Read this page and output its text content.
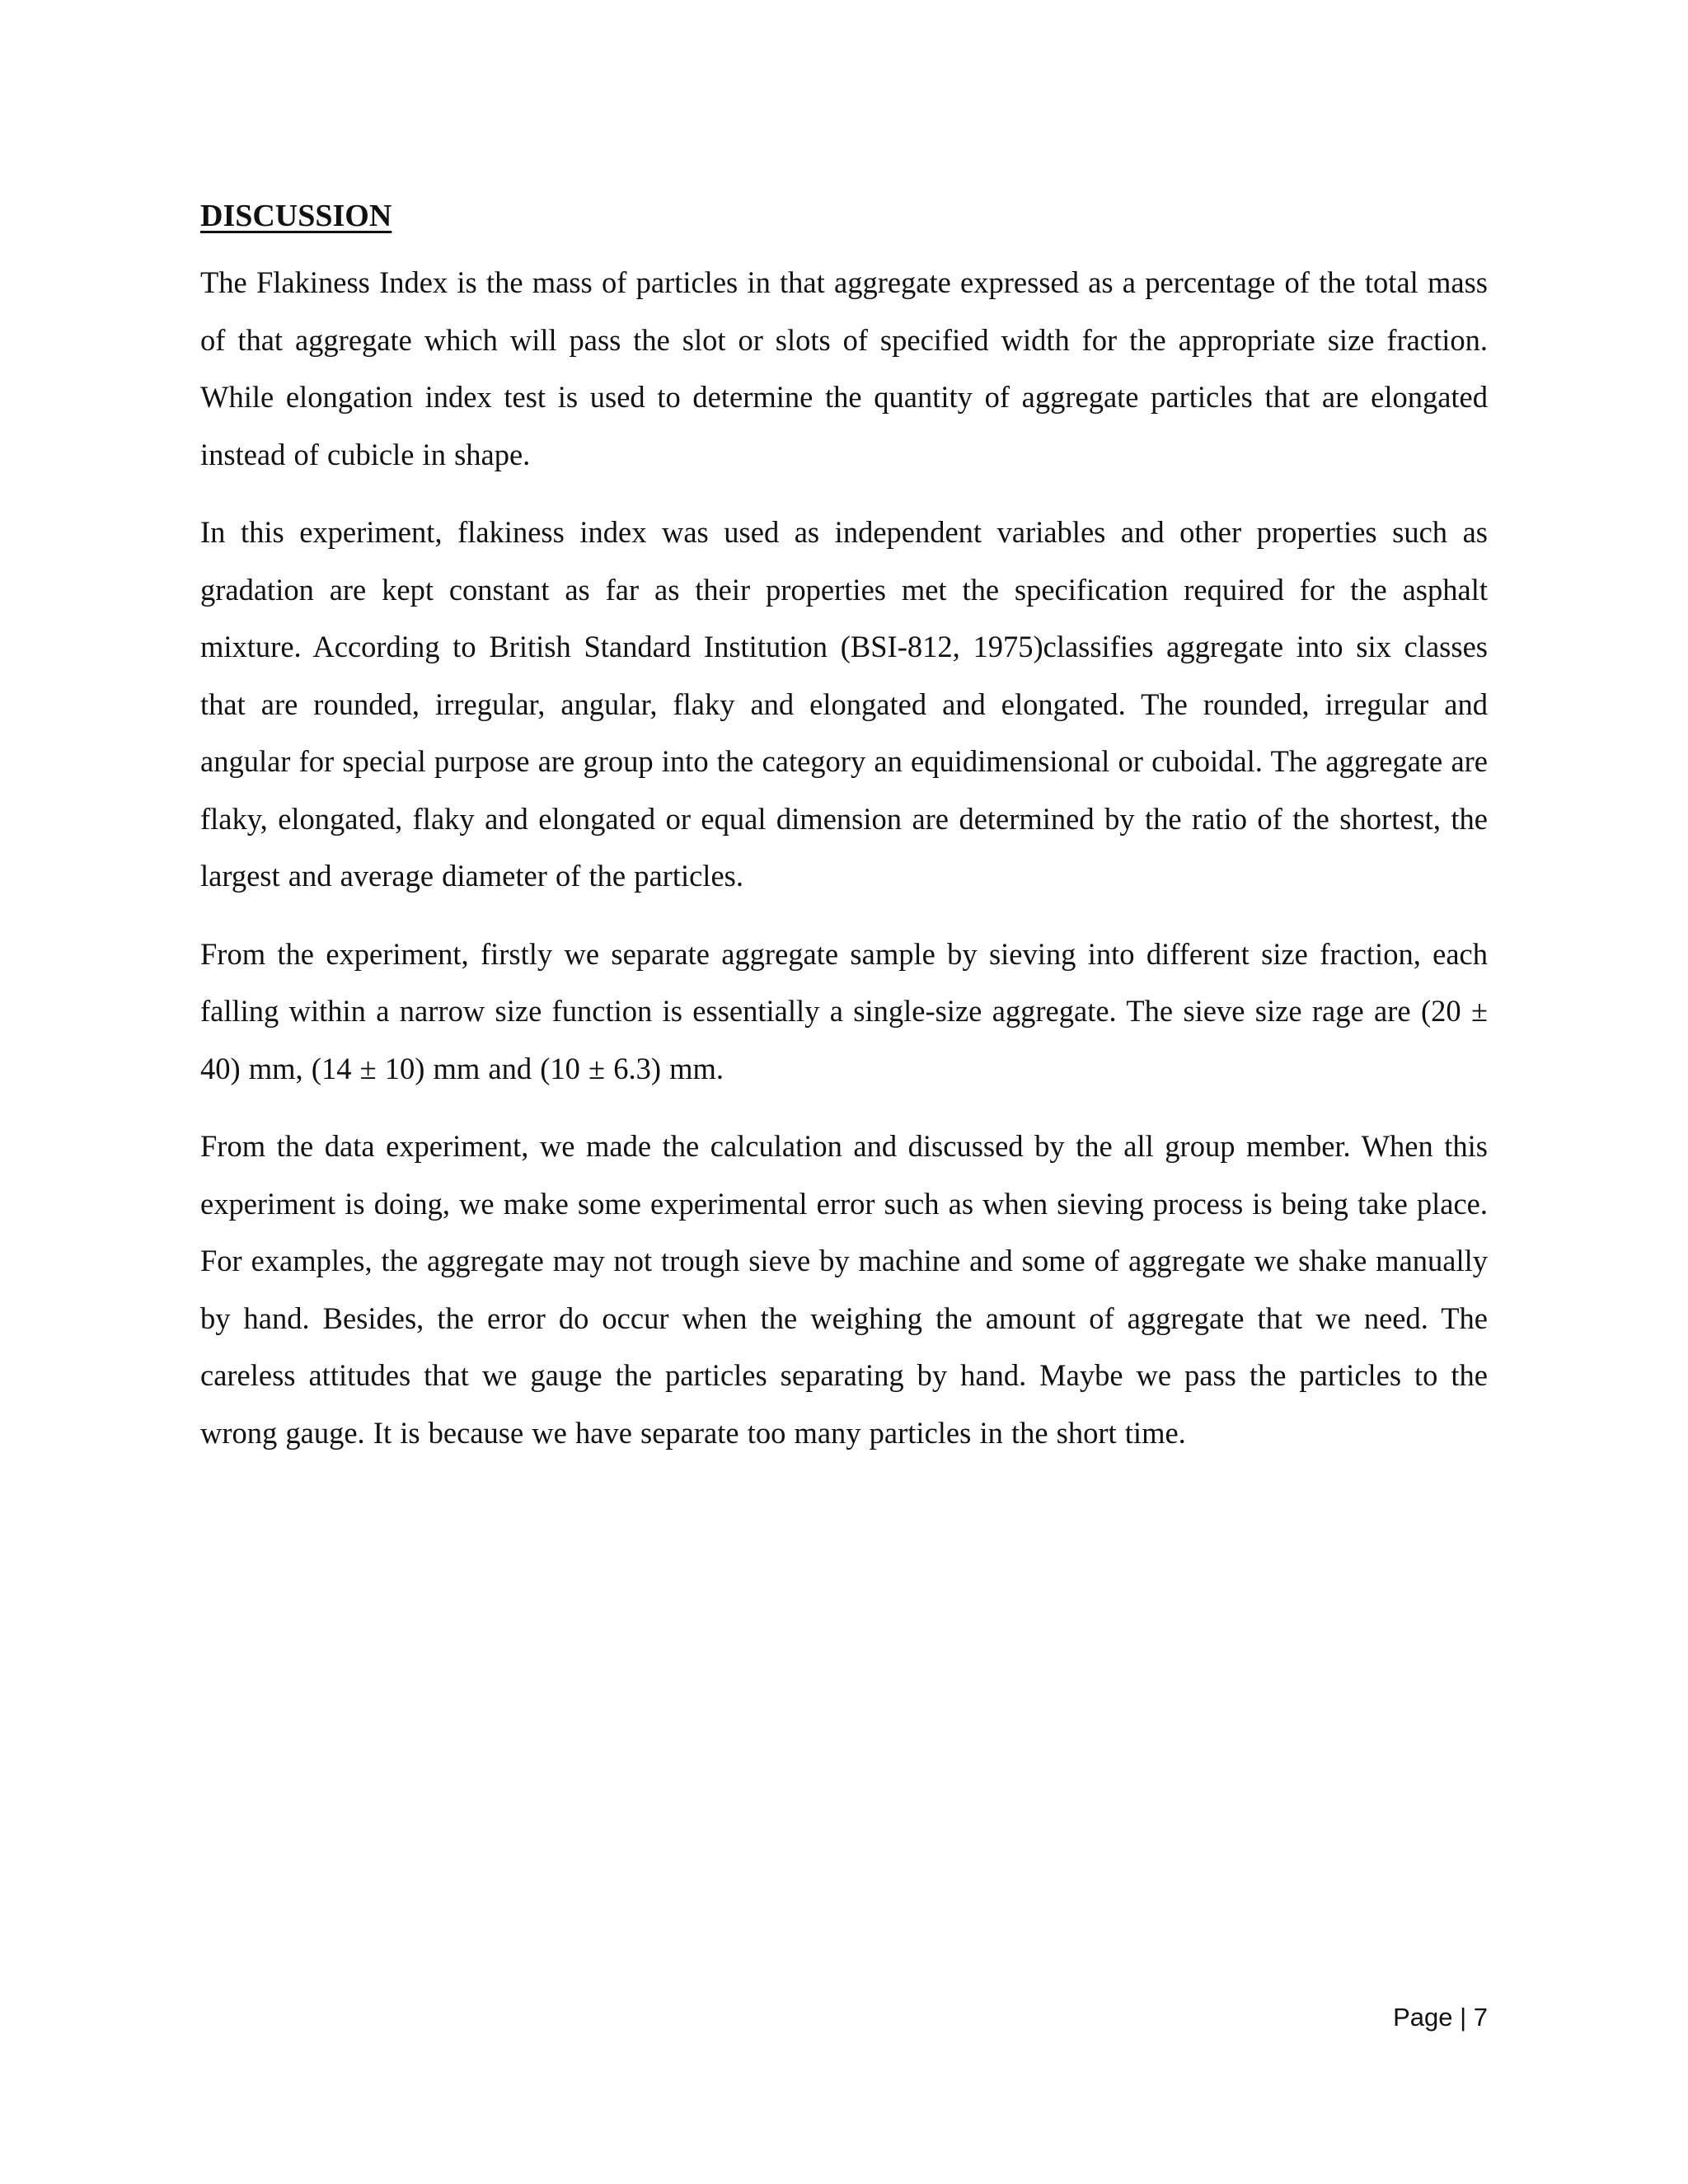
DISCUSSION

The Flakiness Index is the mass of particles in that aggregate expressed as a percentage of the total mass of that aggregate which will pass the slot or slots of specified width for the appropriate size fraction. While elongation index test is used to determine the quantity of aggregate particles that are elongated instead of cubicle in shape.

In this experiment, flakiness index was used as independent variables and other properties such as gradation are kept constant as far as their properties met the specification required for the asphalt mixture. According to British Standard Institution (BSI-812, 1975)classifies aggregate into six classes that are rounded, irregular, angular, flaky and elongated and elongated. The rounded, irregular and angular for special purpose are group into the category an equidimensional or cuboidal. The aggregate are flaky, elongated, flaky and elongated or equal dimension are determined by the ratio of the shortest, the largest and average diameter of the particles.

From the experiment, firstly we separate aggregate sample by sieving into different size fraction, each falling within a narrow size function is essentially a single-size aggregate. The sieve size rage are (20 ± 40) mm, (14 ± 10) mm and (10 ± 6.3) mm.

From the data experiment, we made the calculation and discussed by the all group member. When this experiment is doing, we make some experimental error such as when sieving process is being take place. For examples, the aggregate may not trough sieve by machine and some of aggregate we shake manually by hand. Besides, the error do occur when the weighing the amount of aggregate that we need. The careless attitudes that we gauge the particles separating by hand. Maybe we pass the particles to the wrong gauge. It is because we have separate too many particles in the short time.

Page | 7
